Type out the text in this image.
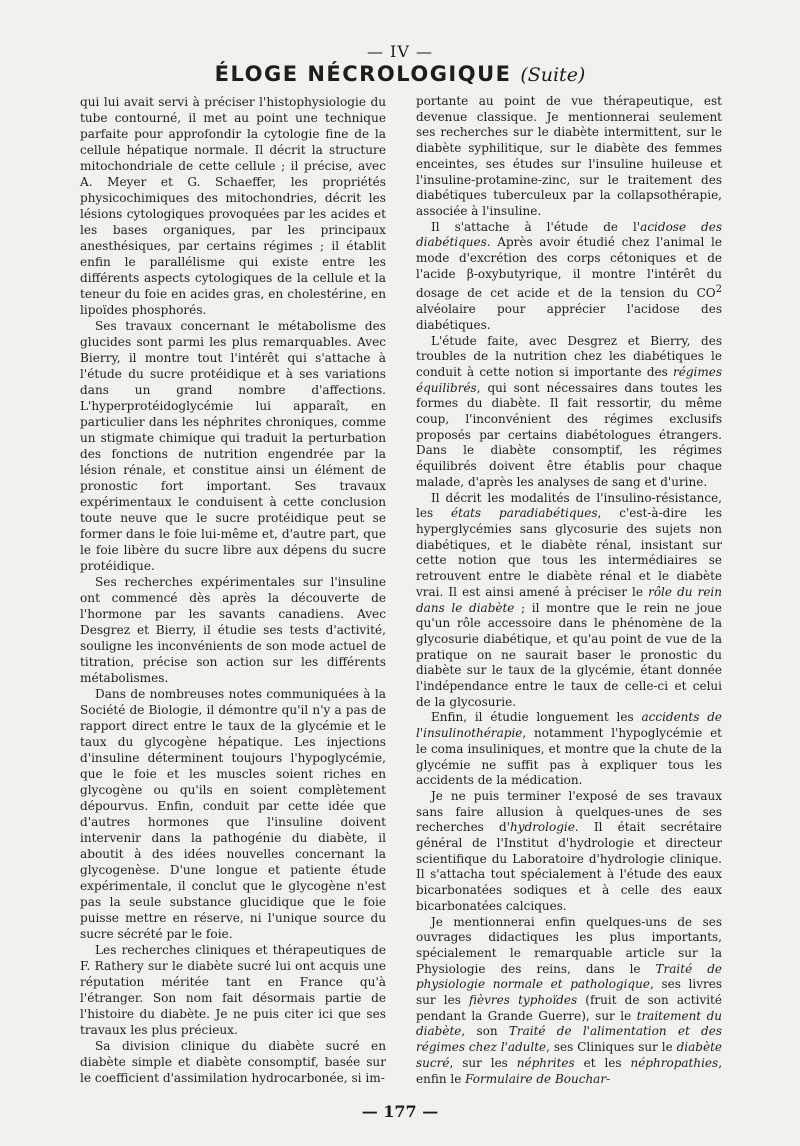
— IV —
ÉLOGE NÉCROLOGIQUE (Suite)

qui lui avait servi à préciser l'histophysiologie du tube contourné, il met au point une technique parfaite pour approfondir la cytologie fine de la cellule hépatique normale. Il décrit la structure mitochondriale de cette cellule ; il précise, avec A. Meyer et G. Schaeffer, les propriétés physicochimiques des mitochondries, décrit les lésions cytologiques provoquées par les acides et les bases organiques, par les principaux anesthésiques, par certains régimes ; il établit enfin le parallélisme qui existe entre les différents aspects cytologiques de la cellule et la teneur du foie en acides gras, en cholestérine, en lipoïdes phosphorés.

Ses travaux concernant le métabolisme des glucides sont parmi les plus remarquables. Avec Bierry, il montre tout l'intérêt qui s'attache à l'étude du sucre protéidique et à ses variations dans un grand nombre d'affections. L'hyperprotéidoglycémie lui apparaît, en particulier dans les néphrites chroniques, comme un stigmate chimique qui traduit la perturbation des fonctions de nutrition engendrée par la lésion rénale, et constitue ainsi un élément de pronostic fort important. Ses travaux expérimentaux le conduisent à cette conclusion toute neuve que le sucre protéidique peut se former dans le foie lui-même et, d'autre part, que le foie libère du sucre libre aux dépens du sucre protéidique.

Ses recherches expérimentales sur l'insuline ont commencé dès après la découverte de l'hormone par les savants canadiens. Avec Desgrez et Bierry, il étudie ses tests d'activité, souligne les inconvénients de son mode actuel de titration, précise son action sur les différents métabolismes.

Dans de nombreuses notes communiquées à la Société de Biologie, il démontre qu'il n'y a pas de rapport direct entre le taux de la glycémie et le taux du glycogène hépatique. Les injections d'insuline déterminent toujours l'hypoglycémie, que le foie et les muscles soient riches en glycogène ou qu'ils en soient complètement dépourvus. Enfin, conduit par cette idée que d'autres hormones que l'insuline doivent intervenir dans la pathogénie du diabète, il aboutit à des idées nouvelles concernant la glycogenèse. D'une longue et patiente étude expérimentale, il conclut que le glycogène n'est pas la seule substance glucidique que le foie puisse mettre en réserve, ni l'unique source du sucre sécrété par le foie.

Les recherches cliniques et thérapeutiques de F. Rathery sur le diabète sucré lui ont acquis une réputation méritée tant en France qu'à l'étranger. Son nom fait désormais partie de l'histoire du diabète. Je ne puis citer ici que ses travaux les plus précieux.

Sa division clinique du diabète sucré en diabète simple et diabète consomptif, basée sur le coefficient d'assimilation hydrocarbonée, si im-

portante au point de vue thérapeutique, est devenue classique. Je mentionnerai seulement ses recherches sur le diabète intermittent, sur le diabète syphilitique, sur le diabète des femmes enceintes, ses études sur l'insuline huileuse et l'insuline-protamine-zinc, sur le traitement des diabétiques tuberculeux par la collapsothérapie, associée à l'insuline.

Il s'attache à l'étude de l'acidose des diabétiques. Après avoir étudié chez l'animal le mode d'excrétion des corps cétoniques et de l'acide β-oxybutyrique, il montre l'intérêt du dosage de cet acide et de la tension du $CO^2$ alvéolaire pour apprécier l'acidose des diabétiques.

L'étude faite, avec Desgrez et Bierry, des troubles de la nutrition chez les diabétiques le conduit à cette notion si importante des régimes équilibrés, qui sont nécessaires dans toutes les formes du diabète. Il fait ressortir, du même coup, l'inconvénient des régimes exclusifs proposés par certains diabétologues étrangers. Dans le diabète consomptif, les régimes équilibrés doivent être établis pour chaque malade, d'après les analyses de sang et d'urine.

Il décrit les modalités de l'insulino-résistance, les états paradiabétiques, c'est-à-dire les hyperglycémies sans glycosurie des sujets non diabétiques, et le diabète rénal, insistant sur cette notion que tous les intermédiaires se retrouvent entre le diabète rénal et le diabète vrai. Il est ainsi amené à préciser le rôle du rein dans le diabète ; il montre que le rein ne joue qu'un rôle accessoire dans le phénomène de la glycosurie diabétique, et qu'au point de vue de la pratique on ne saurait baser le pronostic du diabète sur le taux de la glycémie, étant donnée l'indépendance entre le taux de celle-ci et celui de la glycosurie.

Enfin, il étudie longuement les accidents de l'insulinothérapie, notamment l'hypoglycémie et le coma insuliniques, et montre que la chute de la glycémie ne suffit pas à expliquer tous les accidents de la médication.

Je ne puis terminer l'exposé de ses travaux sans faire allusion à quelques-unes de ses recherches d'hydrologie. Il était secrétaire général de l'Institut d'hydrologie et directeur scientifique du Laboratoire d'hydrologie clinique. Il s'attacha tout spécialement à l'étude des eaux bicarbonatées sodiques et à celle des eaux bicarbonatées calciques.

Je mentionnerai enfin quelques-uns de ses ouvrages didactiques les plus importants, spécialement le remarquable article sur la Physiologie des reins, dans le Traité de physiologie normale et pathologique, ses livres sur les fièvres typhoïdes (fruit de son activité pendant la Grande Guerre), sur le traitement du diabète, son Traité de l'alimentation et des régimes chez l'adulte, ses Cliniques sur le diabète sucré, sur les néphrites et les néphropathies, enfin le Formulaire de Bouchar-

— 177 —
